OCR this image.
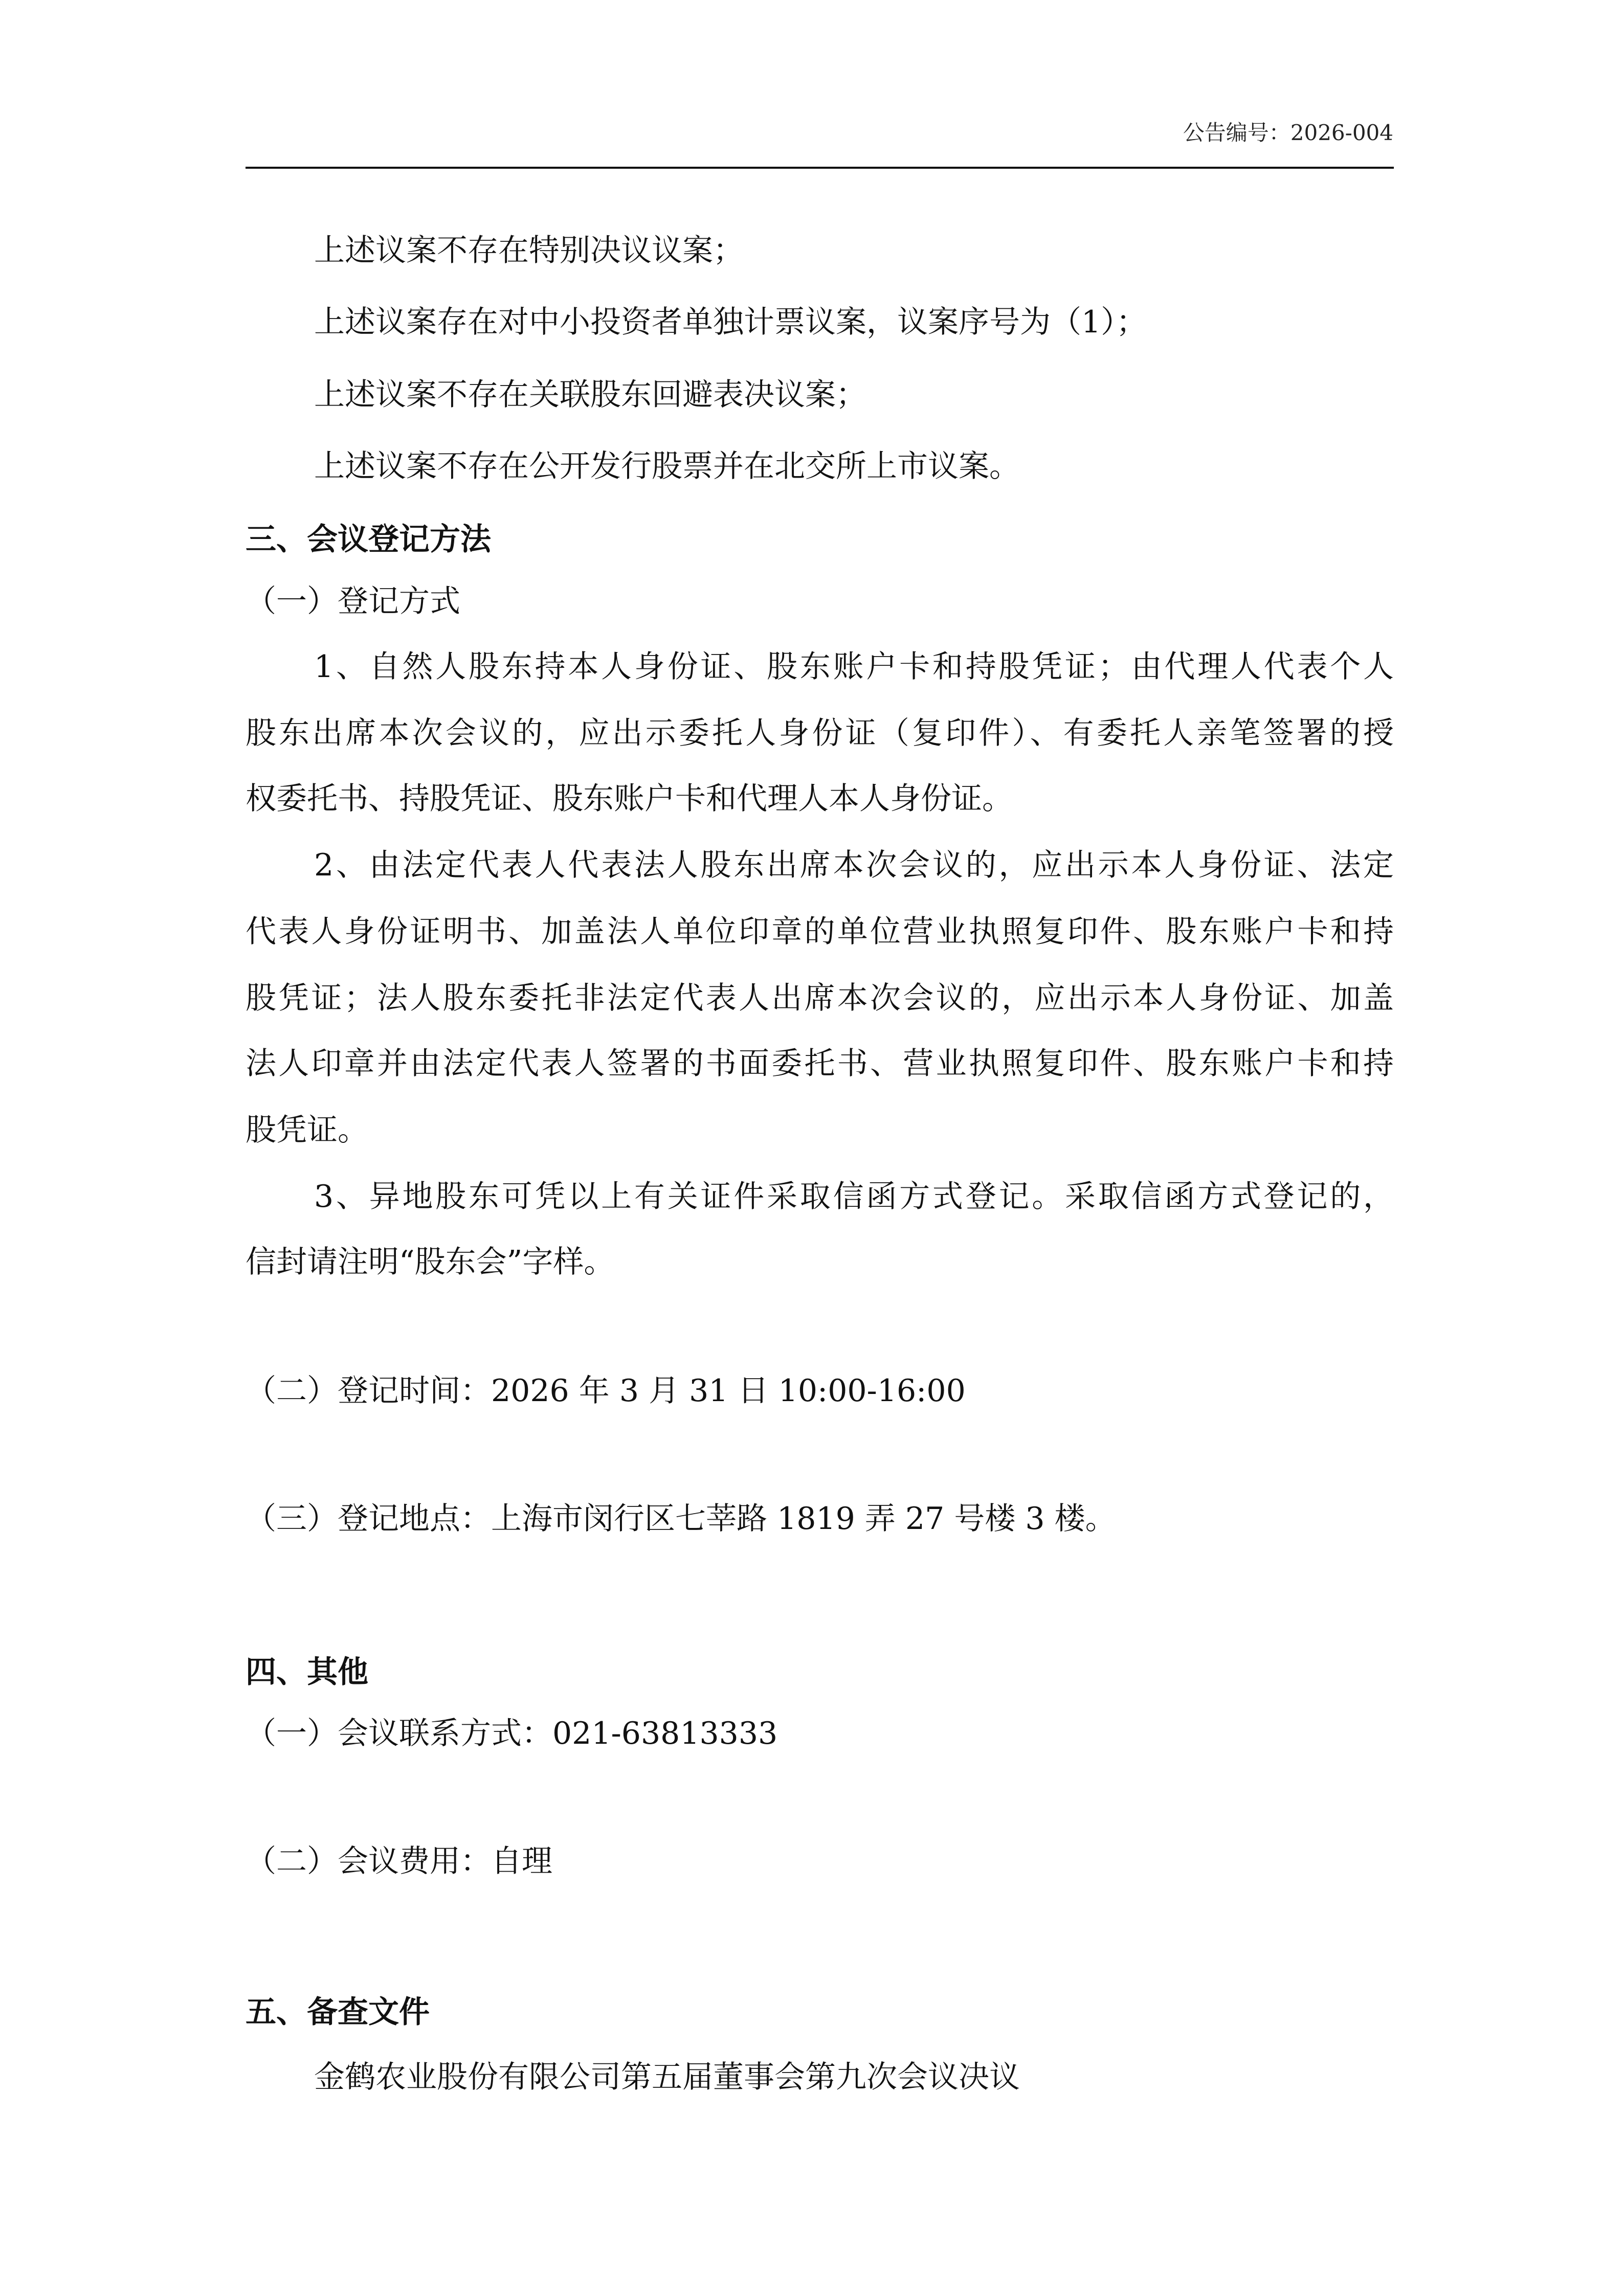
公告编号：2026-004
上述议案不存在特别决议议案；
上述议案存在对中小投资者单独计票议案，议案序号为（1）；
上述议案不存在关联股东回避表决议案；
上述议案不存在公开发行股票并在北交所上市议案。
三、会议登记方法
（一）登记方式
1、自然人股东持本人身份证、股东账户卡和持股凭证；由代理人代表个人
股东出席本次会议的，应出示委托人身份证（复印件）、有委托人亲笔签署的授
权委托书、持股凭证、股东账户卡和代理人本人身份证。
2、由法定代表人代表法人股东出席本次会议的，应出示本人身份证、法定
代表人身份证明书、加盖法人单位印章的单位营业执照复印件、股东账户卡和持
股凭证；法人股东委托非法定代表人出席本次会议的，应出示本人身份证、加盖
法人印章并由法定代表人签署的书面委托书、营业执照复印件、股东账户卡和持
股凭证。
3、异地股东可凭以上有关证件采取信函方式登记。采取信函方式登记的，
信封请注明“股东会”字样。
（二）登记时间：2026 年 3 月 31 日 10:00-16:00
（三）登记地点：上海市闵行区七莘路 1819 弄 27 号楼 3 楼。
四、其他
（一）会议联系方式：021-63813333
（二）会议费用：自理
五、备查文件
金鹤农业股份有限公司第五届董事会第九次会议决议
